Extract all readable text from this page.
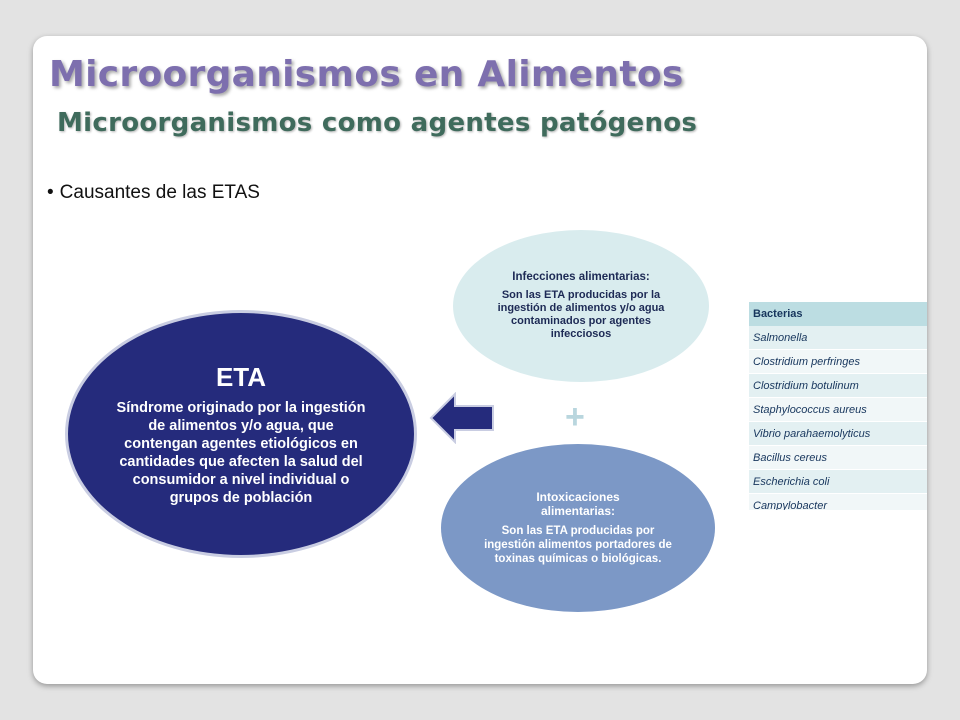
Microorganismos en Alimentos
Microorganismos como agentes patógenos
• Causantes de las ETAS
ETA
Síndrome originado por la ingestión de alimentos y/o agua, que contengan agentes etiológicos en cantidades que afecten la salud del consumidor a nivel individual o grupos de población
Infecciones alimentarias:
Son las ETA producidas por la ingestión de alimentos y/o agua contaminados por agentes infecciosos
+
Intoxicaciones alimentarias:
Son las ETA producidas por ingestión alimentos portadores de toxinas químicas o biológicas.
Bacterias
Salmonella
Clostridium perfringes
Clostridium botulinum
Staphylococcus aureus
Vibrio parahaemolyticus
Bacillus cereus
Escherichia coli
Campylobacter
